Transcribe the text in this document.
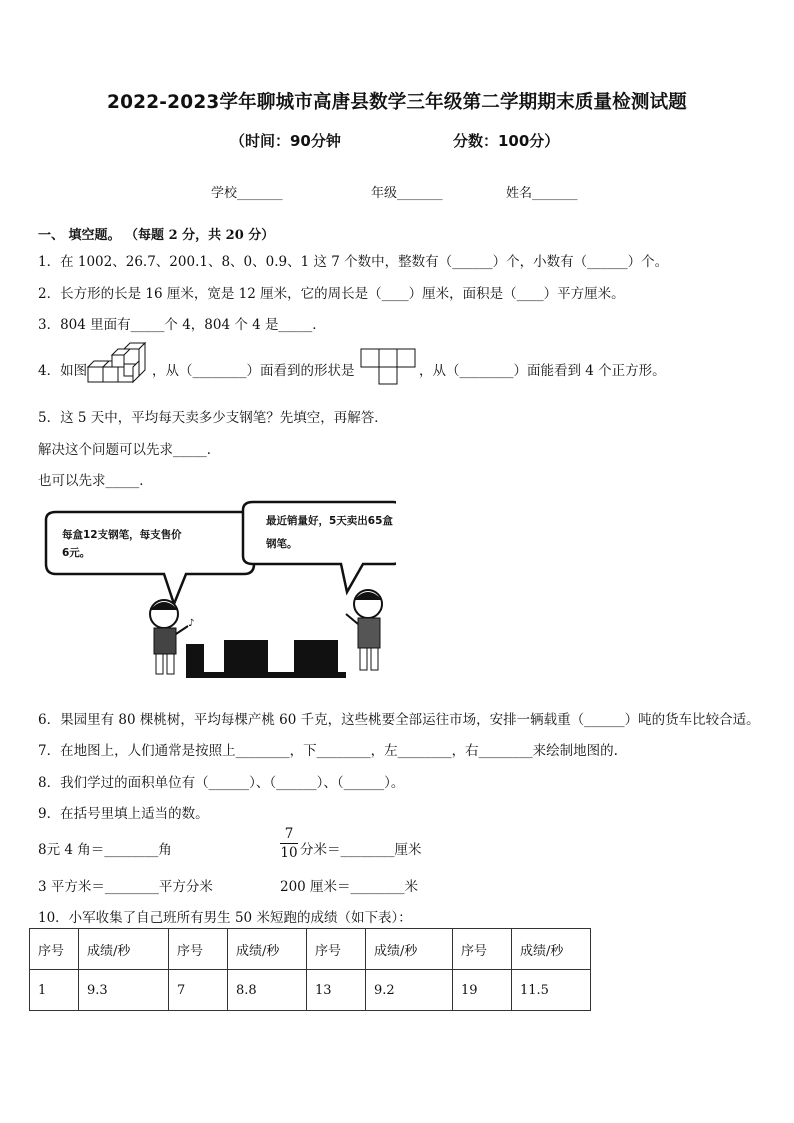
2022-2023学年聊城市高唐县数学三年级第二学期期末质量检测试题
（时间：90分钟	分数：100分）
学校_______	年级_______	姓名_______
一、 填空题。 （每题 2 分，共 20 分）
1．在 1002、26.7、200.1、8、0、0.9、1 这 7 个数中，整数有（______）个，小数有（______）个。
2．长方形的长是 16 厘米，宽是 12 厘米，它的周长是（____）厘米，面积是（____）平方厘米。
3．804 里面有_____个 4，804 个 4 是_____．
4．如图	，从（________）面看到的形状是	，从（________）面能看到 4 个正方形。
5．这 5 天中，平均每天卖多少支钢笔？先填空，再解答．
解决这个问题可以先求_____．
也可以先求_____．
♪
每盒12支钢笔，每支售价
6元。
最近销量好，5天卖出65盒
钢笔。
6．果园里有 80 棵桃树，平均每棵产桃 60 千克，这些桃要全部运往市场，安排一辆载重（______）吨的货车比较合适。
7．在地图上，人们通常是按照上________，下________，左________，右________来绘制地图的.
8．我们学过的面积单位有（______）、（______）、（______）。
9．在括号里填上适当的数。
8元 4 角＝________角
7
10 分米＝________厘米
3 平方米＝________平方分米	200 厘米＝________米
10．小军收集了自己班所有男生 50 米短跑的成绩（如下表）：
序号	成绩/秒	序号	成绩/秒	序号	成绩/秒	序号	成绩/秒
1	9.3	7	8.8	13	9.2	19	11.5
